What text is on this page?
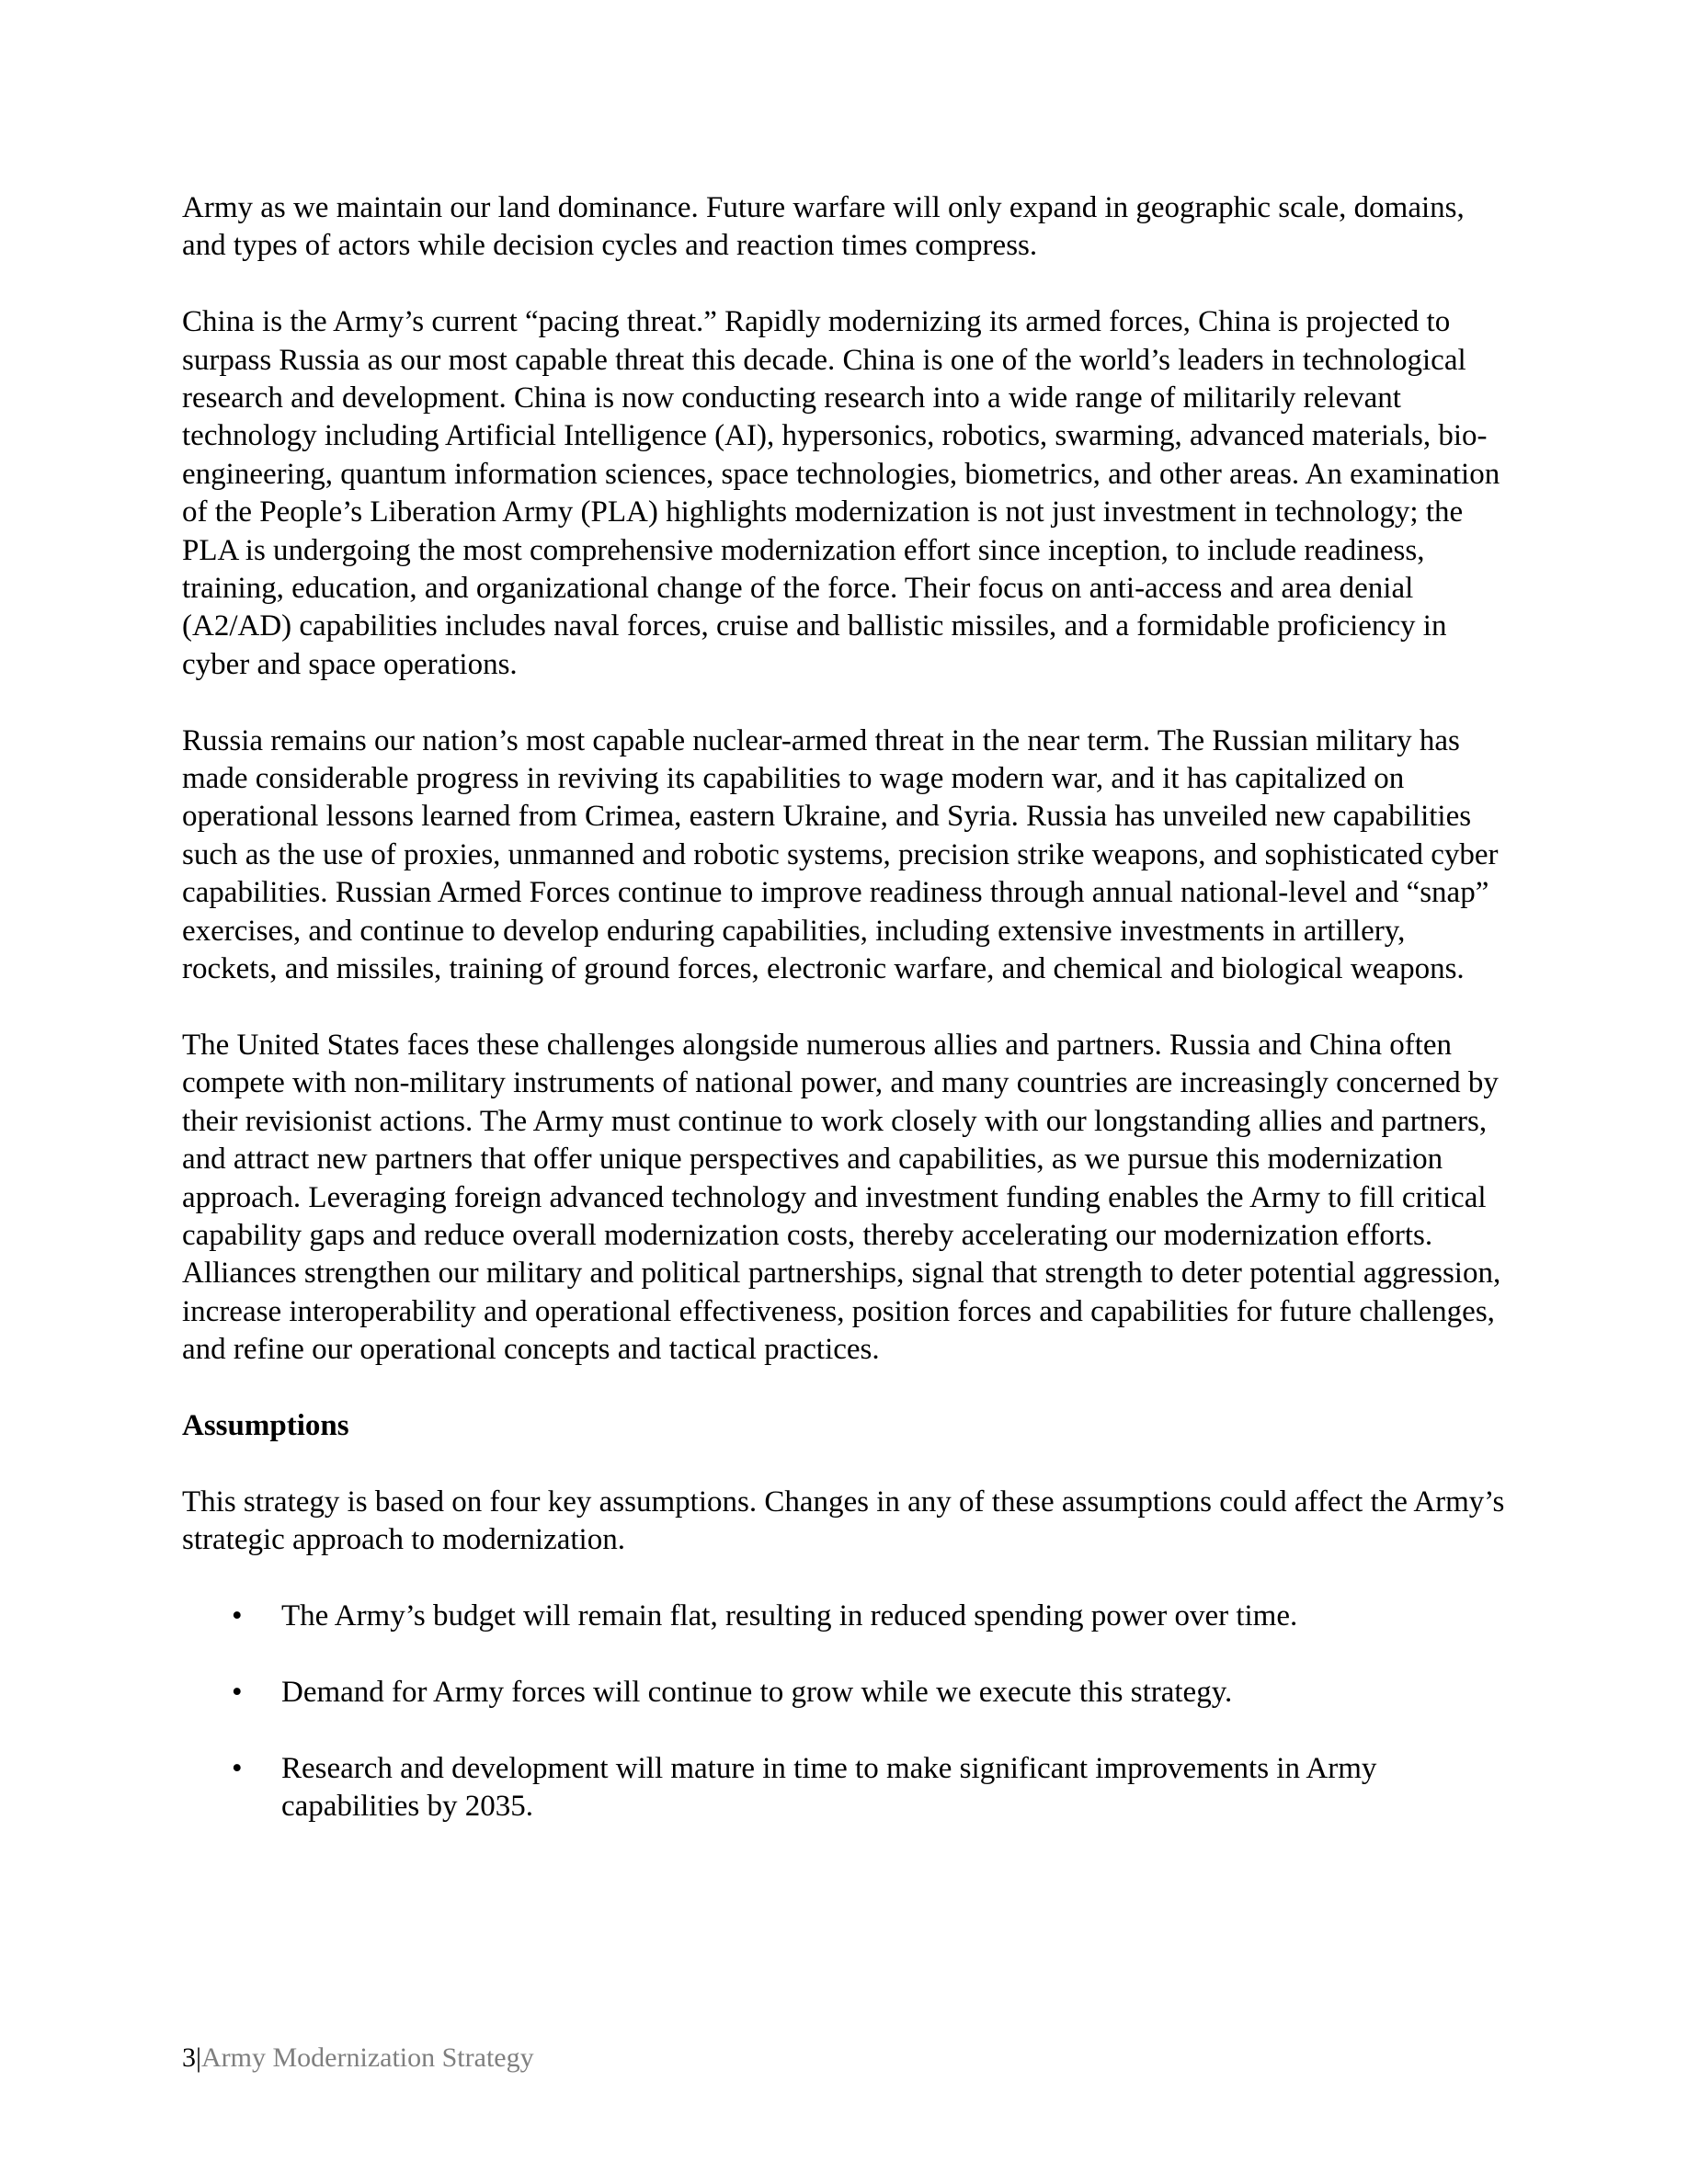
Army as we maintain our land dominance. Future warfare will only expand in geographic scale, domains, and types of actors while decision cycles and reaction times compress.

China is the Army’s current “pacing threat.” Rapidly modernizing its armed forces, China is projected to surpass Russia as our most capable threat this decade. China is one of the world’s leaders in technological research and development. China is now conducting research into a wide range of militarily relevant technology including Artificial Intelligence (AI), hypersonics, robotics, swarming, advanced materials, bio-engineering, quantum information sciences, space technologies, biometrics, and other areas. An examination of the People’s Liberation Army (PLA) highlights modernization is not just investment in technology; the PLA is undergoing the most comprehensive modernization effort since inception, to include readiness, training, education, and organizational change of the force. Their focus on anti-access and area denial (A2/AD) capabilities includes naval forces, cruise and ballistic missiles, and a formidable proficiency in cyber and space operations.

Russia remains our nation’s most capable nuclear-armed threat in the near term. The Russian military has made considerable progress in reviving its capabilities to wage modern war, and it has capitalized on operational lessons learned from Crimea, eastern Ukraine, and Syria. Russia has unveiled new capabilities such as the use of proxies, unmanned and robotic systems, precision strike weapons, and sophisticated cyber capabilities. Russian Armed Forces continue to improve readiness through annual national-level and “snap” exercises, and continue to develop enduring capabilities, including extensive investments in artillery, rockets, and missiles, training of ground forces, electronic warfare, and chemical and biological weapons.

The United States faces these challenges alongside numerous allies and partners. Russia and China often compete with non-military instruments of national power, and many countries are increasingly concerned by their revisionist actions. The Army must continue to work closely with our longstanding allies and partners, and attract new partners that offer unique perspectives and capabilities, as we pursue this modernization approach. Leveraging foreign advanced technology and investment funding enables the Army to fill critical capability gaps and reduce overall modernization costs, thereby accelerating our modernization efforts. Alliances strengthen our military and political partnerships, signal that strength to deter potential aggression, increase interoperability and operational effectiveness, position forces and capabilities for future challenges, and refine our operational concepts and tactical practices.

Assumptions

This strategy is based on four key assumptions. Changes in any of these assumptions could affect the Army’s strategic approach to modernization.

• The Army’s budget will remain flat, resulting in reduced spending power over time.
• Demand for Army forces will continue to grow while we execute this strategy.
• Research and development will mature in time to make significant improvements in Army capabilities by 2035.
3|Army Modernization Strategy
